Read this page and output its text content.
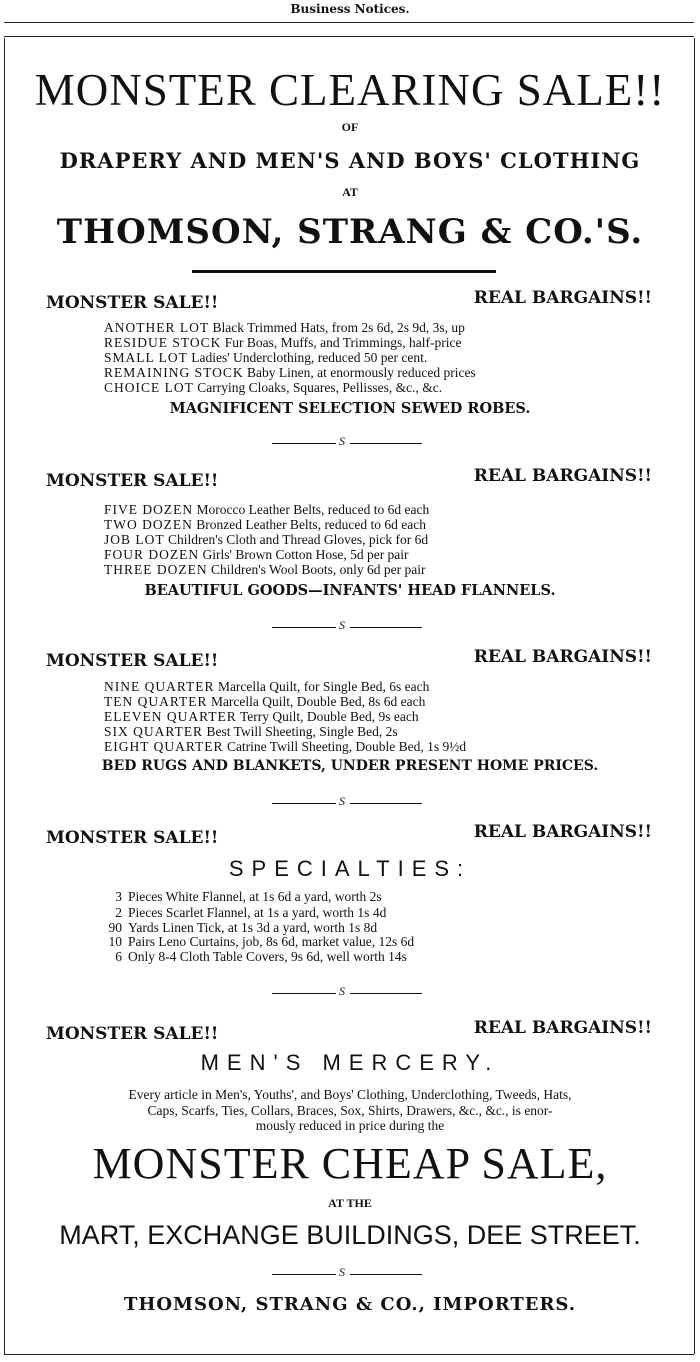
Business Notices.
MONSTER CLEARING SALE!!
OF
DRAPERY AND MEN'S AND BOYS' CLOTHING
AT
THOMSON, STRANG & CO.'S.
MONSTER SALE!!	REAL BARGAINS!!
ANOTHER LOT Black Trimmed Hats, from 2s 6d, 2s 9d, 3s, up
RESIDUE STOCK Fur Boas, Muffs, and Trimmings, half-price
SMALL LOT Ladies' Underclothing, reduced 50 per cent.
REMAINING STOCK Baby Linen, at enormously reduced prices
CHOICE LOT Carrying Cloaks, Squares, Pellisses, &c., &c.
MAGNIFICENT SELECTION SEWED ROBES.
S
MONSTER SALE!!	REAL BARGAINS!!
FIVE DOZEN Morocco Leather Belts, reduced to 6d each
TWO DOZEN Bronzed Leather Belts, reduced to 6d each
JOB LOT Children's Cloth and Thread Gloves, pick for 6d
FOUR DOZEN Girls' Brown Cotton Hose, 5d per pair
THREE DOZEN Children's Wool Boots, only 6d per pair
BEAUTIFUL GOODS—INFANTS' HEAD FLANNELS.
S
MONSTER SALE!!	REAL BARGAINS!!
NINE QUARTER Marcella Quilt, for Single Bed, 6s each
TEN QUARTER Marcella Quilt, Double Bed, 8s 6d each
ELEVEN QUARTER Terry Quilt, Double Bed, 9s each
SIX QUARTER Best Twill Sheeting, Single Bed, 2s
EIGHT QUARTER Catrine Twill Sheeting, Double Bed, 1s 9½d
BED RUGS AND BLANKETS, UNDER PRESENT HOME PRICES.
S
MONSTER SALE!!	REAL BARGAINS!!
SPECIALTIES:
3 Pieces White Flannel, at 1s 6d a yard, worth 2s
2 Pieces Scarlet Flannel, at 1s a yard, worth 1s 4d
90 Yards Linen Tick, at 1s 3d a yard, worth 1s 8d
10 Pairs Leno Curtains, job, 8s 6d, market value, 12s 6d
6 Only 8-4 Cloth Table Covers, 9s 6d, well worth 14s
S
MONSTER SALE!!	REAL BARGAINS!!
MEN'S MERCERY.
Every article in Men's, Youths', and Boys' Clothing, Underclothing, Tweeds, Hats,
Caps, Scarfs, Ties, Collars, Braces, Sox, Shirts, Drawers, &c., &c., is enor-
mously reduced in price during the
MONSTER CHEAP SALE,
AT THE
MART, EXCHANGE BUILDINGS, DEE STREET.
S
THOMSON, STRANG & CO., IMPORTERS.
